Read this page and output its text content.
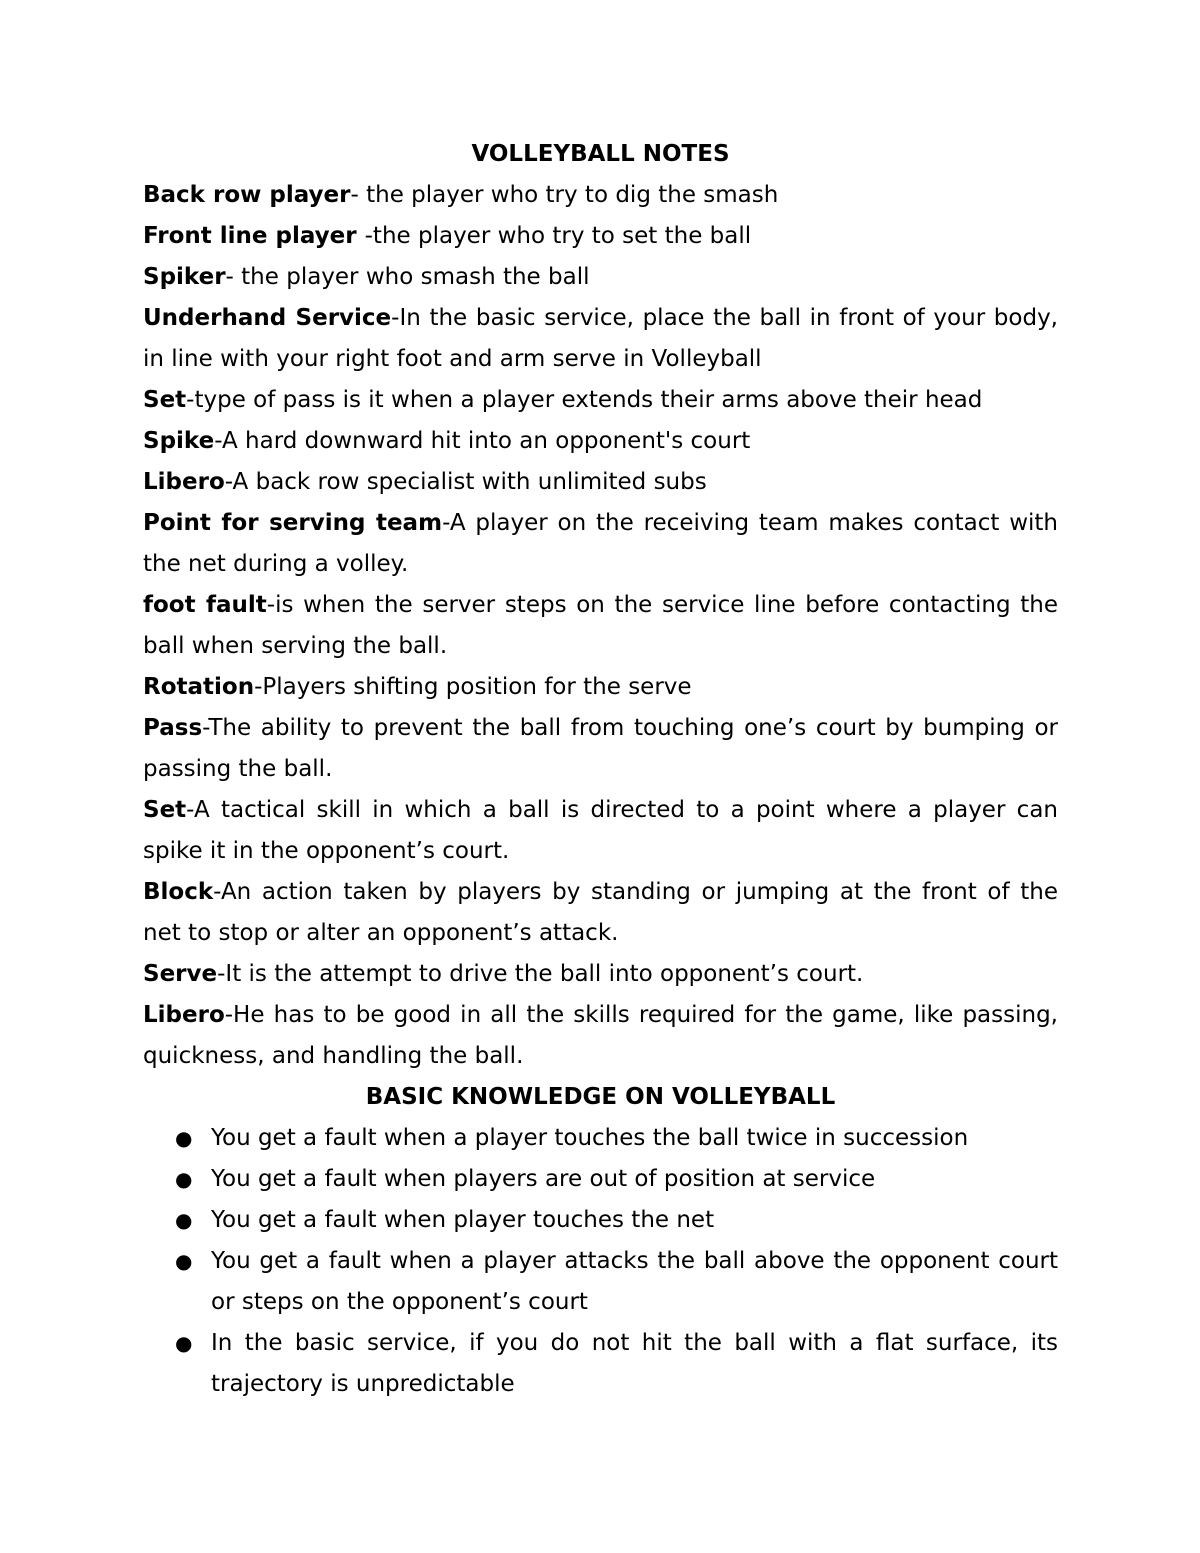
VOLLEYBALL NOTES

Back row player- the player who try to dig the smash

Front line player -the player who try to set the ball

Spiker- the player who smash the ball

Underhand Service-In the basic service, place the ball in front of your body, in line with your right foot and arm serve in Volleyball

Set-type of pass is it when a player extends their arms above their head

Spike-A hard downward hit into an opponent's court

Libero-A back row specialist with unlimited subs

Point for serving team-A player on the receiving team makes contact with the net during a volley.

foot fault-is when the server steps on the service line before contacting the ball when serving the ball.

Rotation-Players shifting position for the serve

Pass-The ability to prevent the ball from touching one’s court by bumping or passing the ball.

Set-A tactical skill in which a ball is directed to a point where a player can spike it in the opponent’s court.

Block-An action taken by players by standing or jumping at the front of the net to stop or alter an opponent’s attack.

Serve-It is the attempt to drive the ball into opponent’s court.

Libero-He has to be good in all the skills required for the game, like passing, quickness, and handling the ball.

BASIC KNOWLEDGE ON VOLLEYBALL

● You get a fault when a player touches the ball twice in succession
● You get a fault when players are out of position at service
● You get a fault when player touches the net
● You get a fault when a player attacks the ball above the opponent court or steps on the opponent’s court
● In the basic service, if you do not hit the ball with a flat surface, its trajectory is unpredictable
